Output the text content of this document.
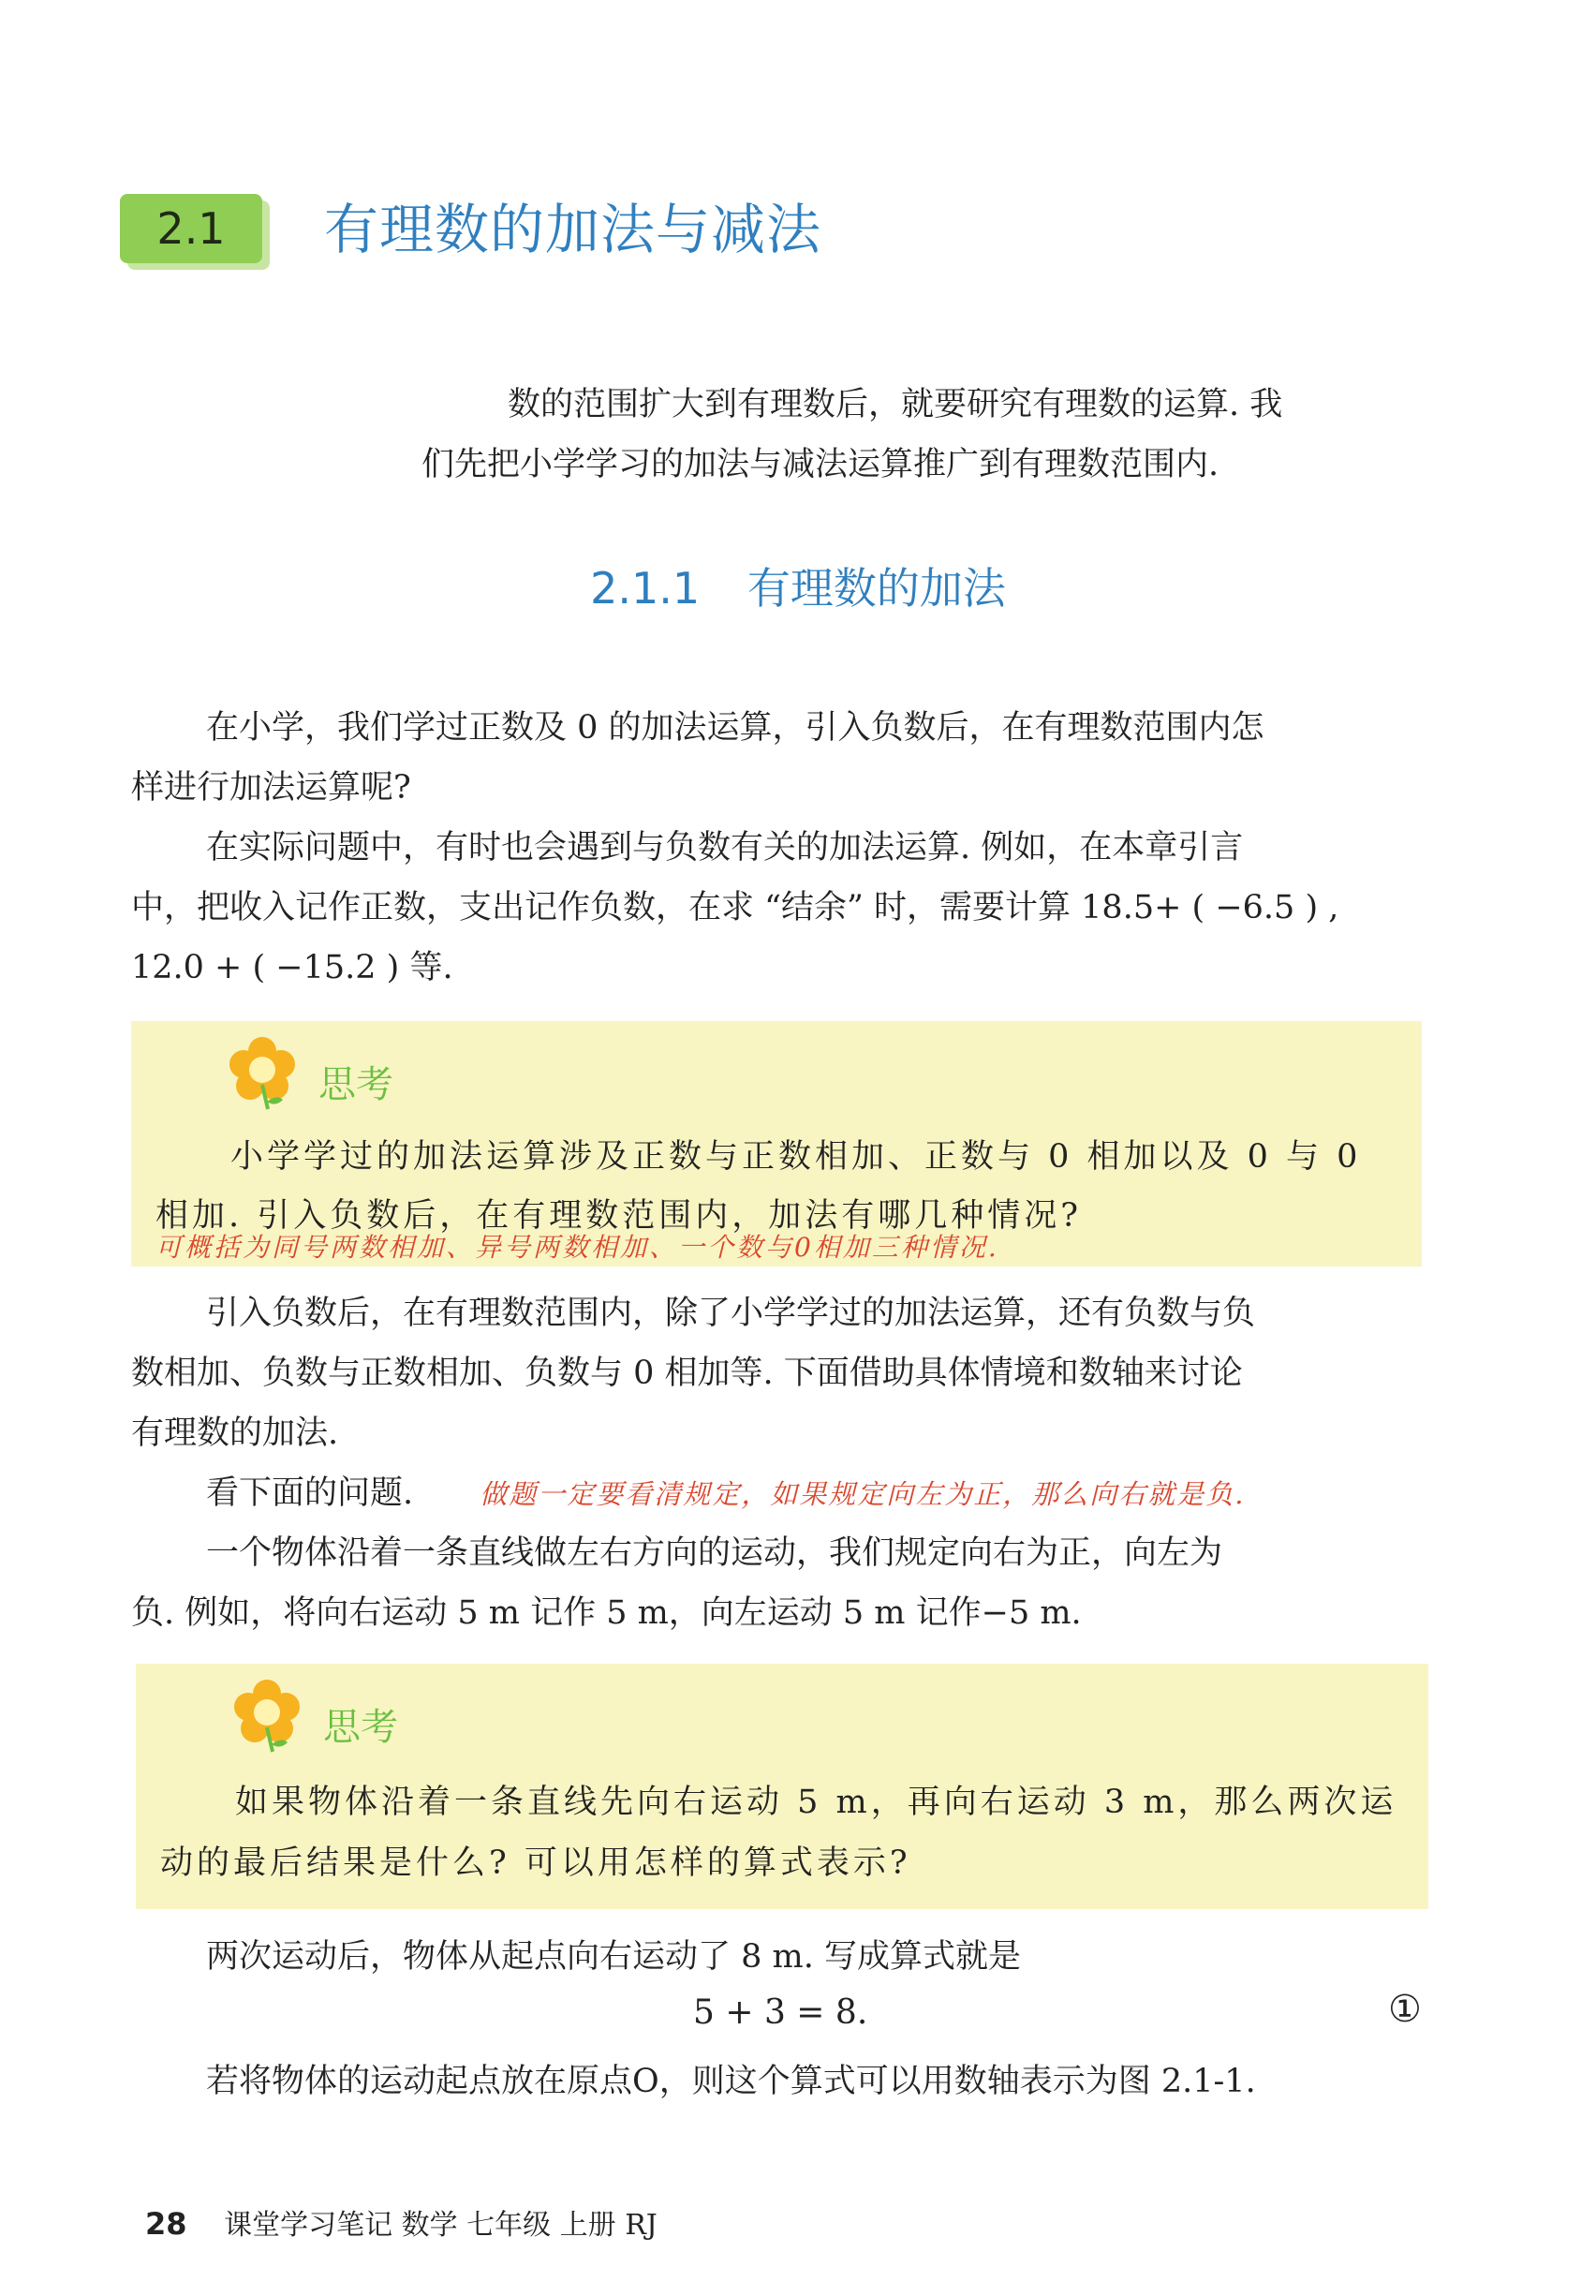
2.1 有理数的加法与减法
数的范围扩大到有理数后，就要研究有理数的运算. 我
们先把小学学习的加法与减法运算推广到有理数范围内.
2.1.1 有理数的加法
在小学，我们学过正数及 0 的加法运算，引入负数后，在有理数范围内怎
样进行加法运算呢?
在实际问题中，有时也会遇到与负数有关的加法运算. 例如，在本章引言
中，把收入记作正数，支出记作负数，在求 “结余” 时，需要计算 18.5+ ( −6.5 ) ,
12.0 + ( −15.2 ) 等.
思考
小学学过的加法运算涉及正数与正数相加、正数与 0 相加以及 0 与 0
相加. 引入负数后，在有理数范围内，加法有哪几种情况?
可概括为同号两数相加、异号两数相加、一个数与0相加三种情况.
引入负数后，在有理数范围内，除了小学学过的加法运算，还有负数与负
数相加、负数与正数相加、负数与 0 相加等. 下面借助具体情境和数轴来讨论
有理数的加法.
看下面的问题. 做题一定要看清规定，如果规定向左为正，那么向右就是负.
一个物体沿着一条直线做左右方向的运动，我们规定向右为正，向左为
负. 例如，将向右运动 5 m 记作 5 m，向左运动 5 m 记作−5 m.
思考
如果物体沿着一条直线先向右运动 5 m，再向右运动 3 m，那么两次运
动的最后结果是什么? 可以用怎样的算式表示?
两次运动后，物体从起点向右运动了 8 m. 写成算式就是
5 + 3 = 8.	①
若将物体的运动起点放在原点O，则这个算式可以用数轴表示为图 2.1-1.
28 课堂学习笔记 数学 七年级 上册 RJ
